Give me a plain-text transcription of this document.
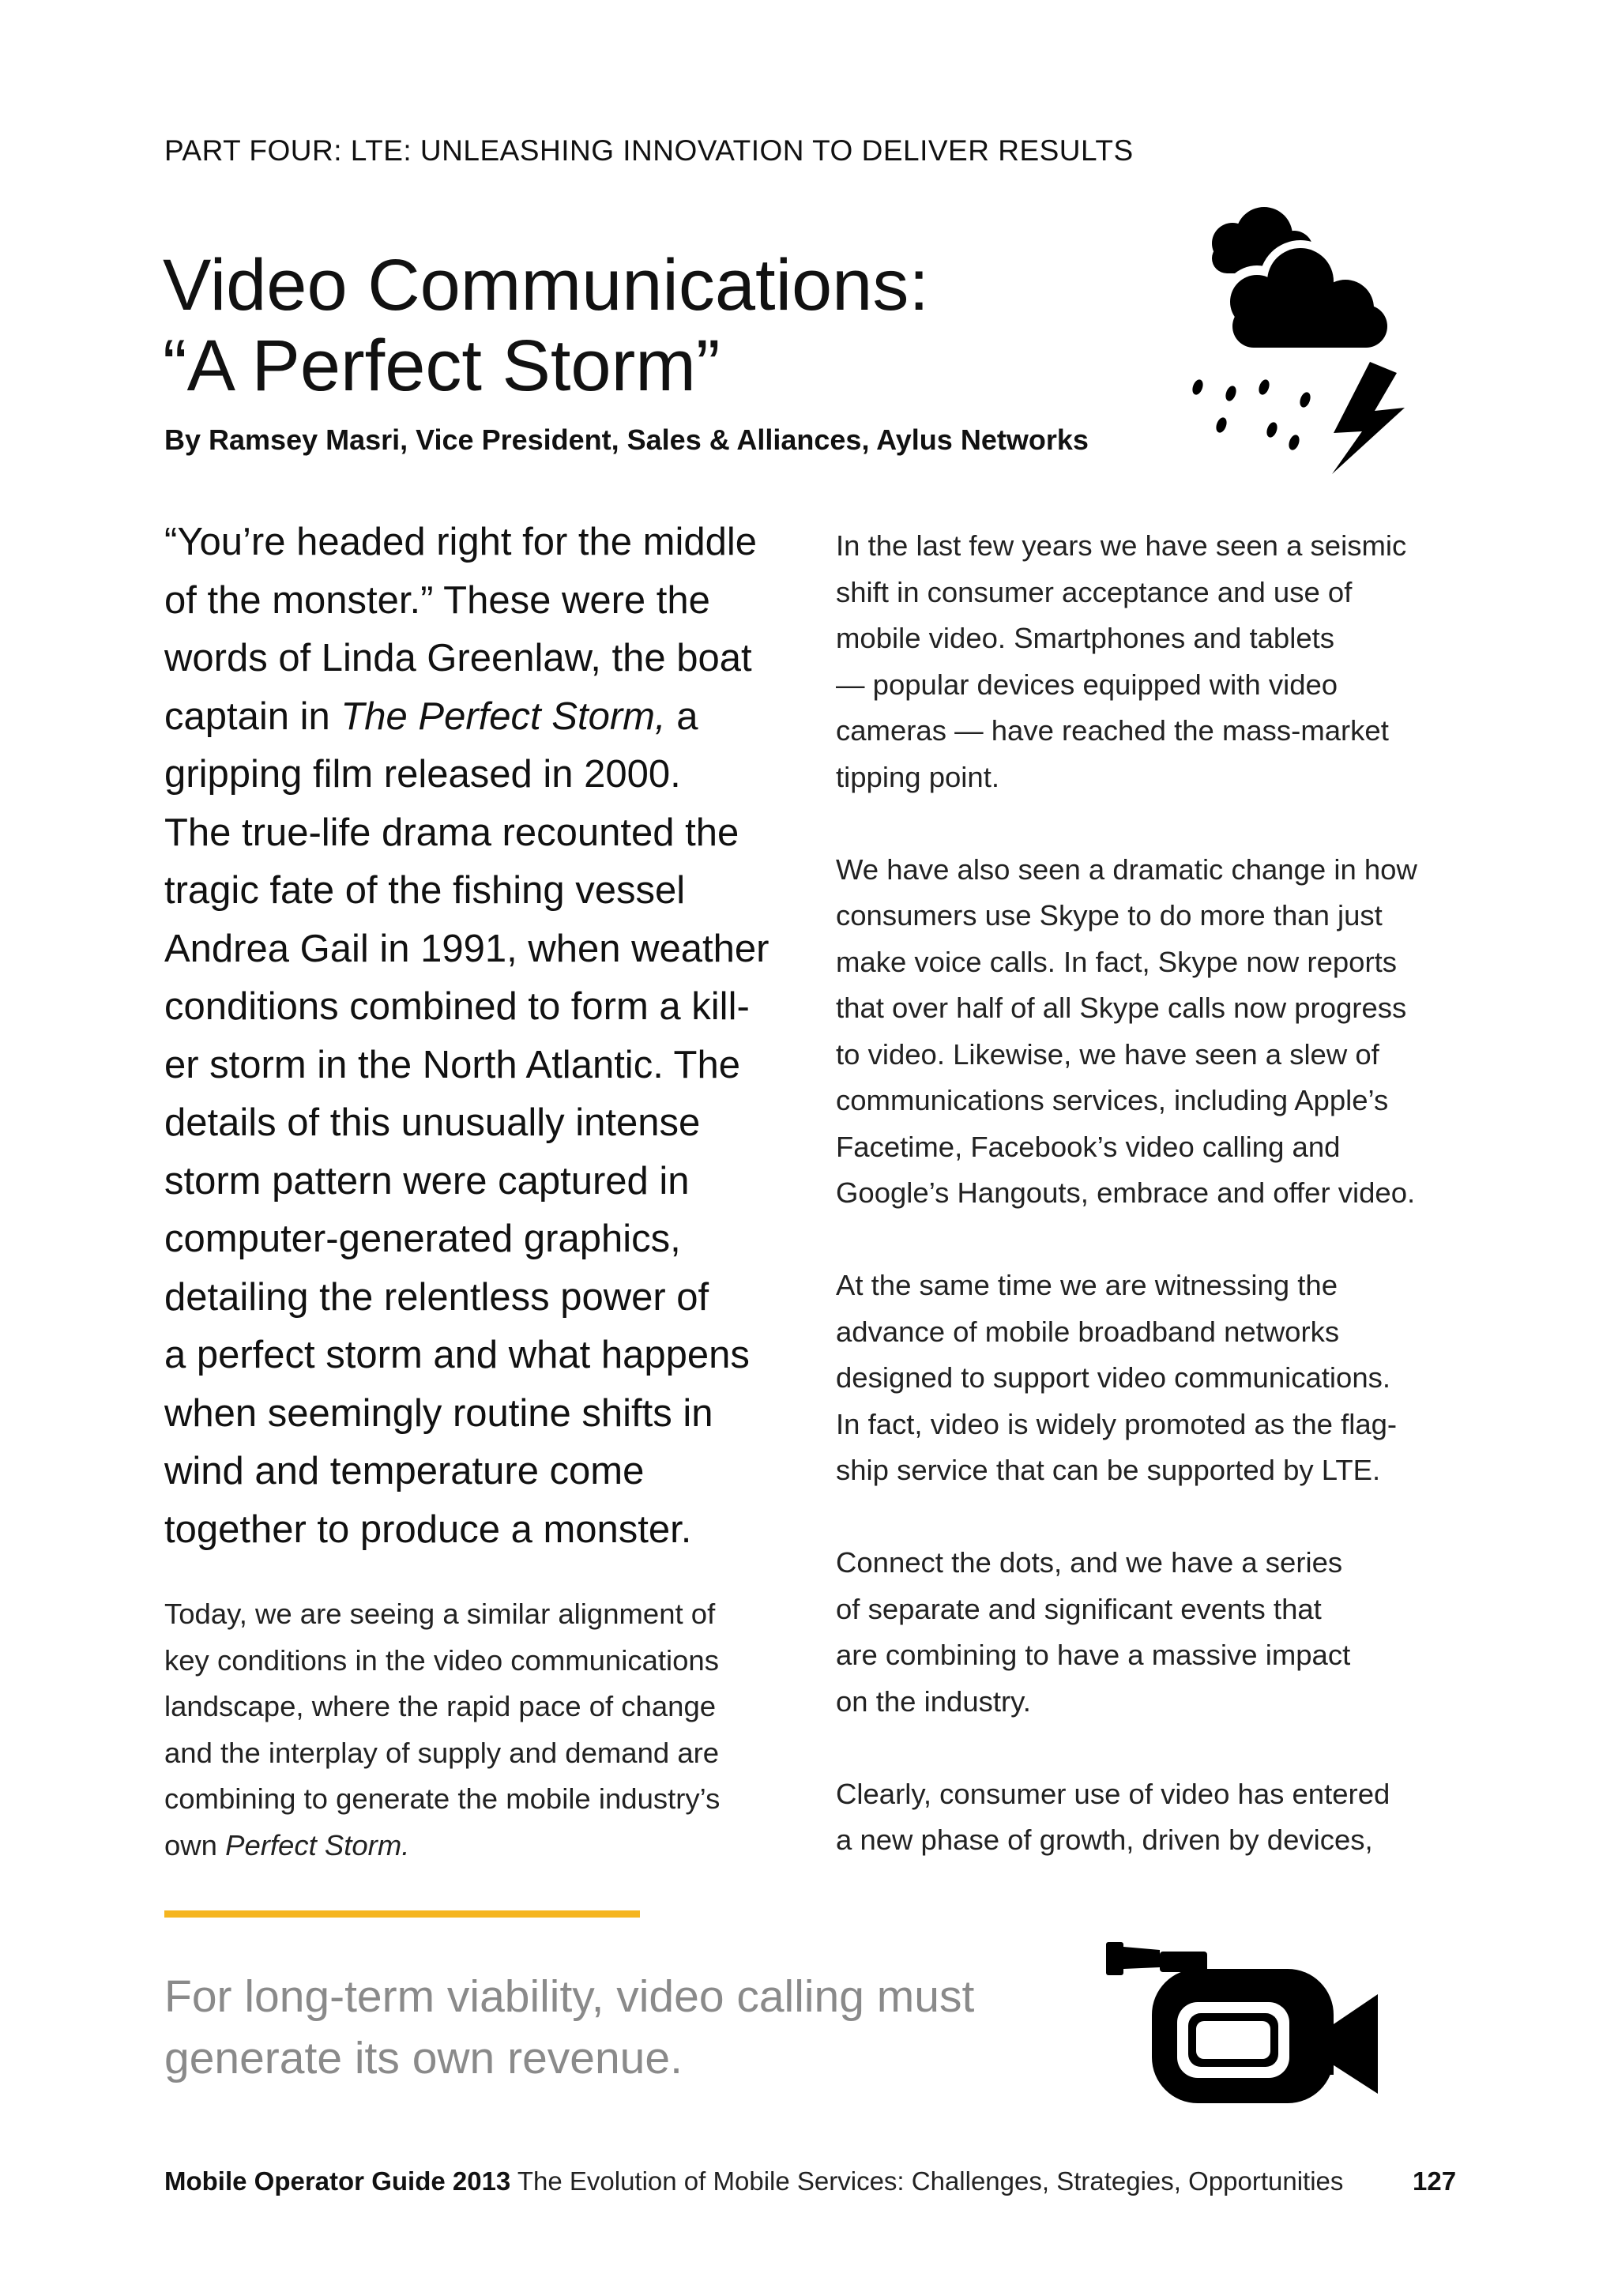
PART FOUR: LTE: UNLEASHING INNOVATION TO DELIVER RESULTS
Video Communications:
“A Perfect Storm”
By Ramsey Masri, Vice President, Sales & Alliances, Aylus Networks
“You’re headed right for the middle
of the monster.” These were the
words of Linda Greenlaw, the boat
captain in The Perfect Storm, a
gripping film released in 2000.
The true-life drama recounted the
tragic fate of the fishing vessel
Andrea Gail in 1991, when weather
conditions combined to form a kill-
er storm in the North Atlantic. The
details of this unusually intense
storm pattern were captured in
computer-generated graphics,
detailing the relentless power of
a perfect storm and what happens
when seemingly routine shifts in
wind and temperature come
together to produce a monster.
Today, we are seeing a similar alignment of
key conditions in the video communications
landscape, where the rapid pace of change
and the interplay of supply and demand are
combining to generate the mobile industry’s
own Perfect Storm.
In the last few years we have seen a seismic
shift in consumer acceptance and use of
mobile video. Smartphones and tablets
— popular devices equipped with video
cameras — have reached the mass-market
tipping point.
We have also seen a dramatic change in how
consumers use Skype to do more than just
make voice calls. In fact, Skype now reports
that over half of all Skype calls now progress
to video. Likewise, we have seen a slew of
communications services, including Apple’s
Facetime, Facebook’s video calling and
Google’s Hangouts, embrace and offer video.
At the same time we are witnessing the
advance of mobile broadband networks
designed to support video communications.
In fact, video is widely promoted as the flag-
ship service that can be supported by LTE.
Connect the dots, and we have a series
of separate and significant events that
are combining to have a massive impact
on the industry.
Clearly, consumer use of video has entered
a new phase of growth, driven by devices,
For long-term viability, video calling must
generate its own revenue.
Mobile Operator Guide 2013 The Evolution of Mobile Services: Challenges, Strategies, Opportunities	127
